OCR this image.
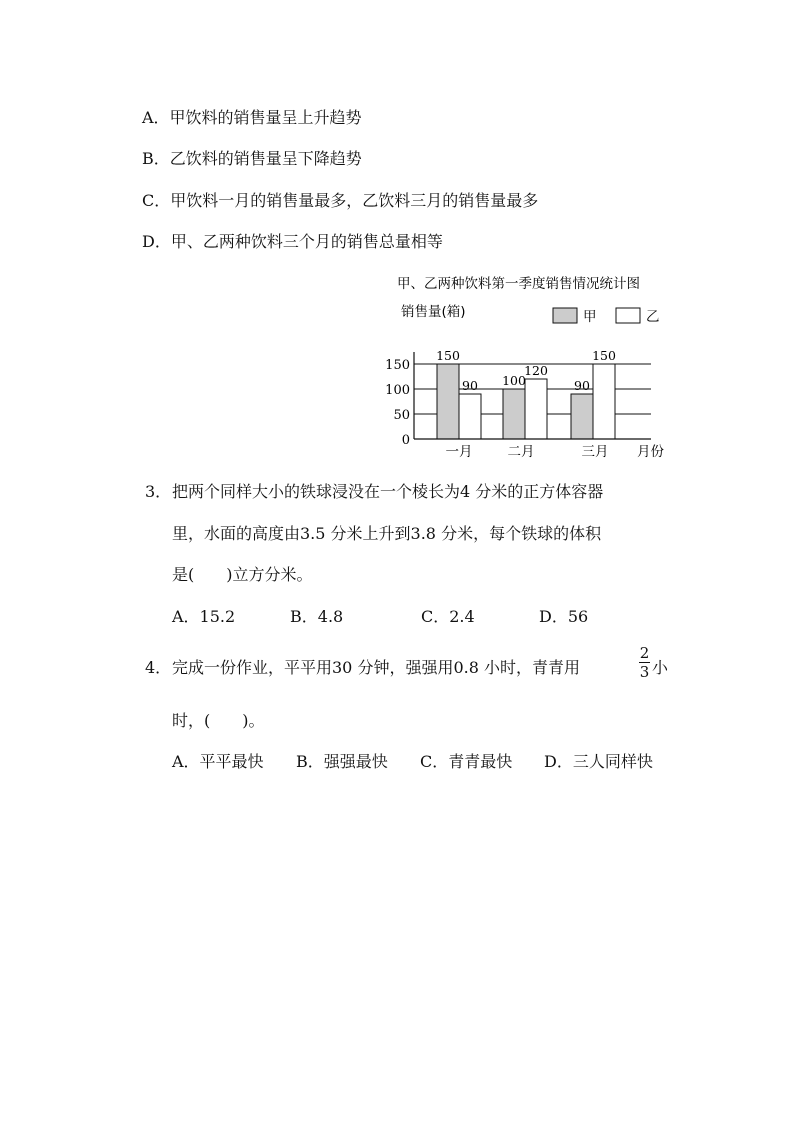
A．甲饮料的销售量呈上升趋势
B．乙饮料的销售量呈下降趋势
C．甲饮料一月的销售量最多，乙饮料三月的销售量最多
D．甲、乙两种饮料三个月的销售总量相等
甲、乙两种饮料第一季度销售情况统计图
销售量(箱)	甲	乙
0
50
100
150
150
100	90
90
120
150
一月	二月	三月 月份
3． 把两个同样大小的铁球浸没在一个棱长为4 分米的正方体容器
里，水面的高度由3.5 分米上升到3.8 分米，每个铁球的体积
是(　　)立方分米。
A．15.2	B．4.8	C．2.4	D．56
4． 完成一份作业，平平用30 分钟，强强用0.8 小时，青青用
2
3 小
时，(　　)。
A．平平最快	B．强强最快	C．青青最快	D．三人同样快
